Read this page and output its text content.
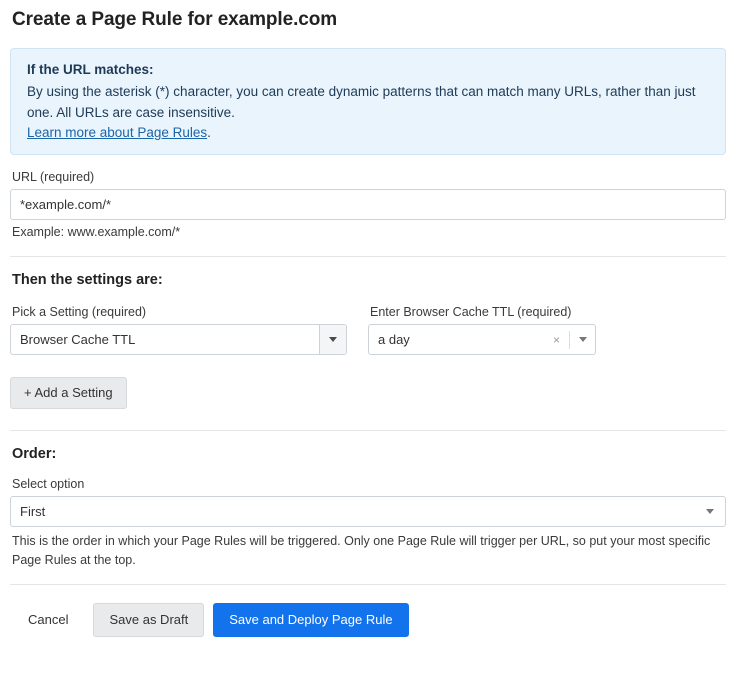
Create a Page Rule for example.com
If the URL matches:
By using the asterisk (*) character, you can create dynamic patterns that can match many URLs, rather than just one. All URLs are case insensitive.
Learn more about Page Rules.
URL (required)
*example.com/*
Example: www.example.com/*
Then the settings are:
Pick a Setting (required)
Browser Cache TTL
Enter Browser Cache TTL (required)
a day	×
+ Add a Setting
Order:
Select option
First
This is the order in which your Page Rules will be triggered. Only one Page Rule will trigger per URL, so put your most specific Page Rules at the top.
Cancel	Save as Draft	Save and Deploy Page Rule
